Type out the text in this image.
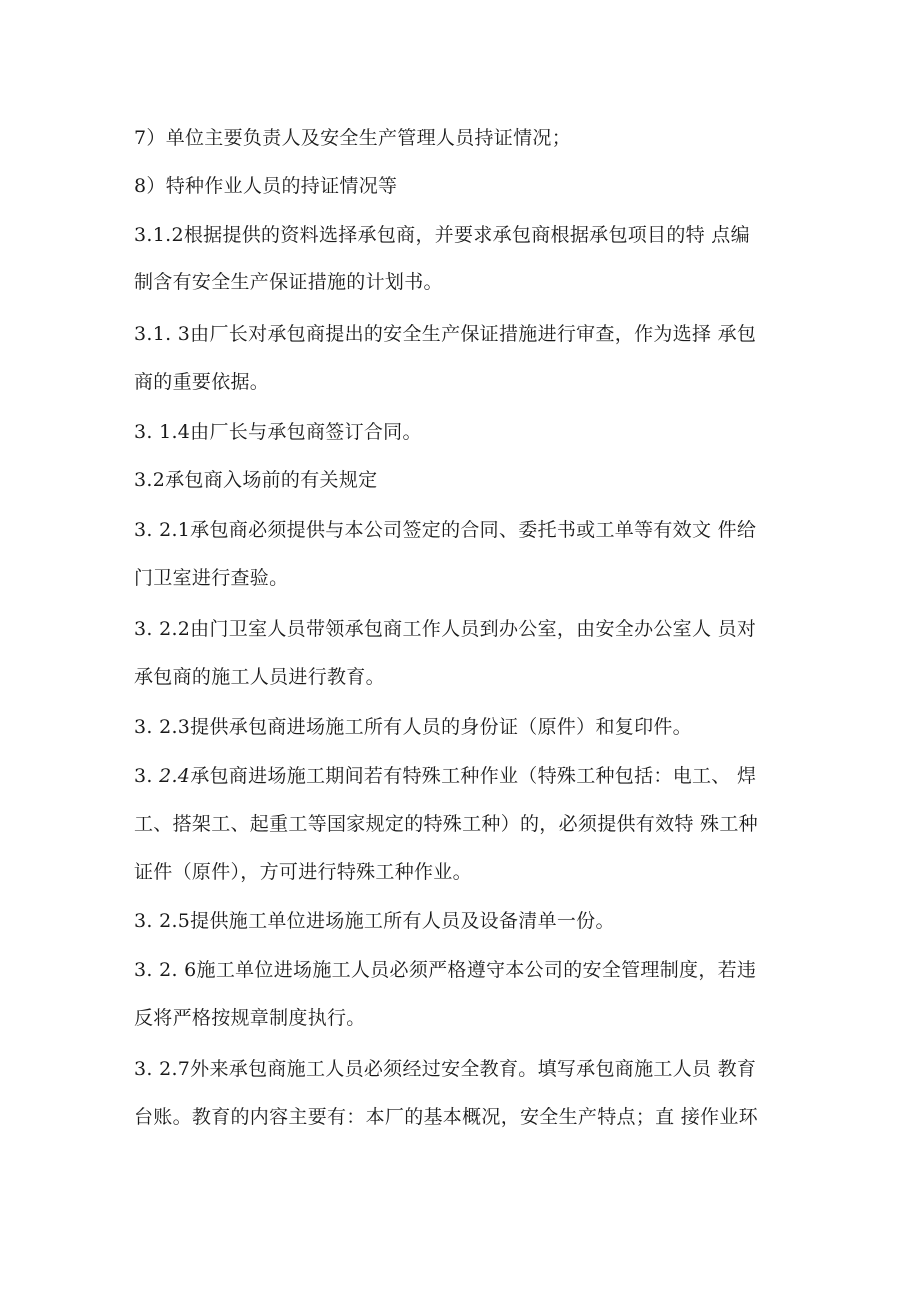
7）单位主要负责人及安全生产管理人员持证情况；
8）特种作业人员的持证情况等
3.1.2根据提供的资料选择承包商，并要求承包商根据承包项目的特 点编
制含有安全生产保证措施的计划书。
3.1. 3由厂长对承包商提出的安全生产保证措施进行审查，作为选择 承包
商的重要依据。
3. 1.4由厂长与承包商签订合同。
3.2承包商入场前的有关规定
3. 2.1承包商必须提供与本公司签定的合同、委托书或工单等有效文 件给
门卫室进行查验。
3. 2.2由门卫室人员带领承包商工作人员到办公室，由安全办公室人 员对
承包商的施工人员进行教育。
3. 2.3提供承包商进场施工所有人员的身份证（原件）和复印件。
3. 2.4承包商进场施工期间若有特殊工种作业（特殊工种包括：电工、 焊
工、搭架工、起重工等国家规定的特殊工种）的，必须提供有效特 殊工种
证件（原件），方可进行特殊工种作业。
3. 2.5提供施工单位进场施工所有人员及设备清单一份。
3. 2. 6施工单位进场施工人员必须严格遵守本公司的安全管理制度，若违
反将严格按规章制度执行。
3. 2.7外来承包商施工人员必须经过安全教育。填写承包商施工人员 教育
台账。教育的内容主要有：本厂的基本概况，安全生产特点；直 接作业环
